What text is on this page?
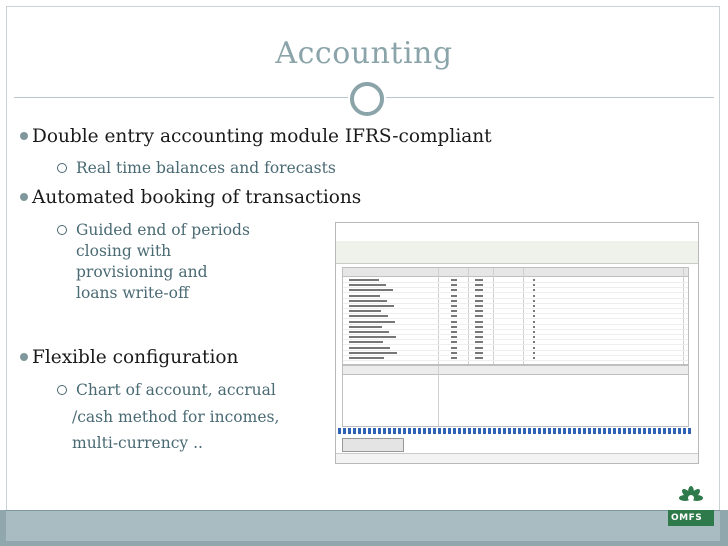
Accounting
Double entry accounting module IFRS-compliant
Real time balances and forecasts
Automated booking of transactions
Guided end of periods
closing with
provisioning and
loans write-off
Flexible configuration
Chart of account, accrual
/cash method for incomes,
multi-currency ..
OMFS
